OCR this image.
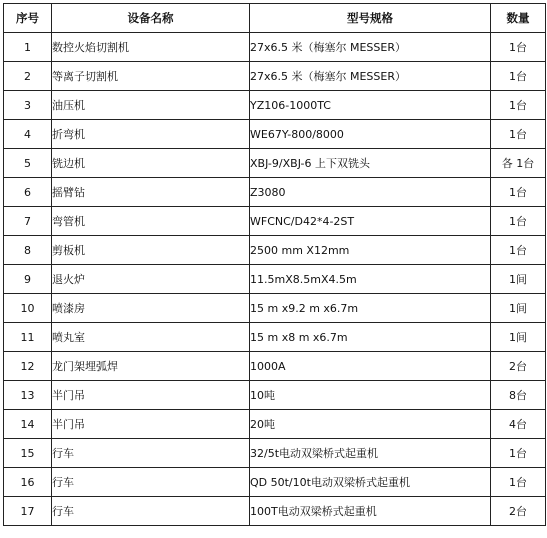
序号	设备名称	型号规格	数量
1	数控火焰切割机	27x6.5 米（梅塞尔 MESSER）	1台
2	等离子切割机	27x6.5 米（梅塞尔 MESSER）	1台
3	油压机	YZ106-1000TC	1台
4	折弯机	WE67Y-800/8000	1台
5	铣边机	XBJ-9/XBJ-6 上下双铣头	各 1台
6	摇臂钻	Z3080	1台
7	弯管机	WFCNC/D42*4-2ST	1台
8	剪板机	2500 mm X12mm	1台
9	退火炉	11.5mX8.5mX4.5m	1间
10	喷漆房	15 m x9.2 m x6.7m	1间
11	喷丸室	15 m x8 m x6.7m	1间
12	龙门架埋弧焊	1000A	2台
13	半门吊	10吨	8台
14	半门吊	20吨	4台
15	行车	32/5t电动双梁桥式起重机	1台
16	行车	QD 50t/10t电动双梁桥式起重机	1台
17	行车	100T电动双梁桥式起重机	2台
